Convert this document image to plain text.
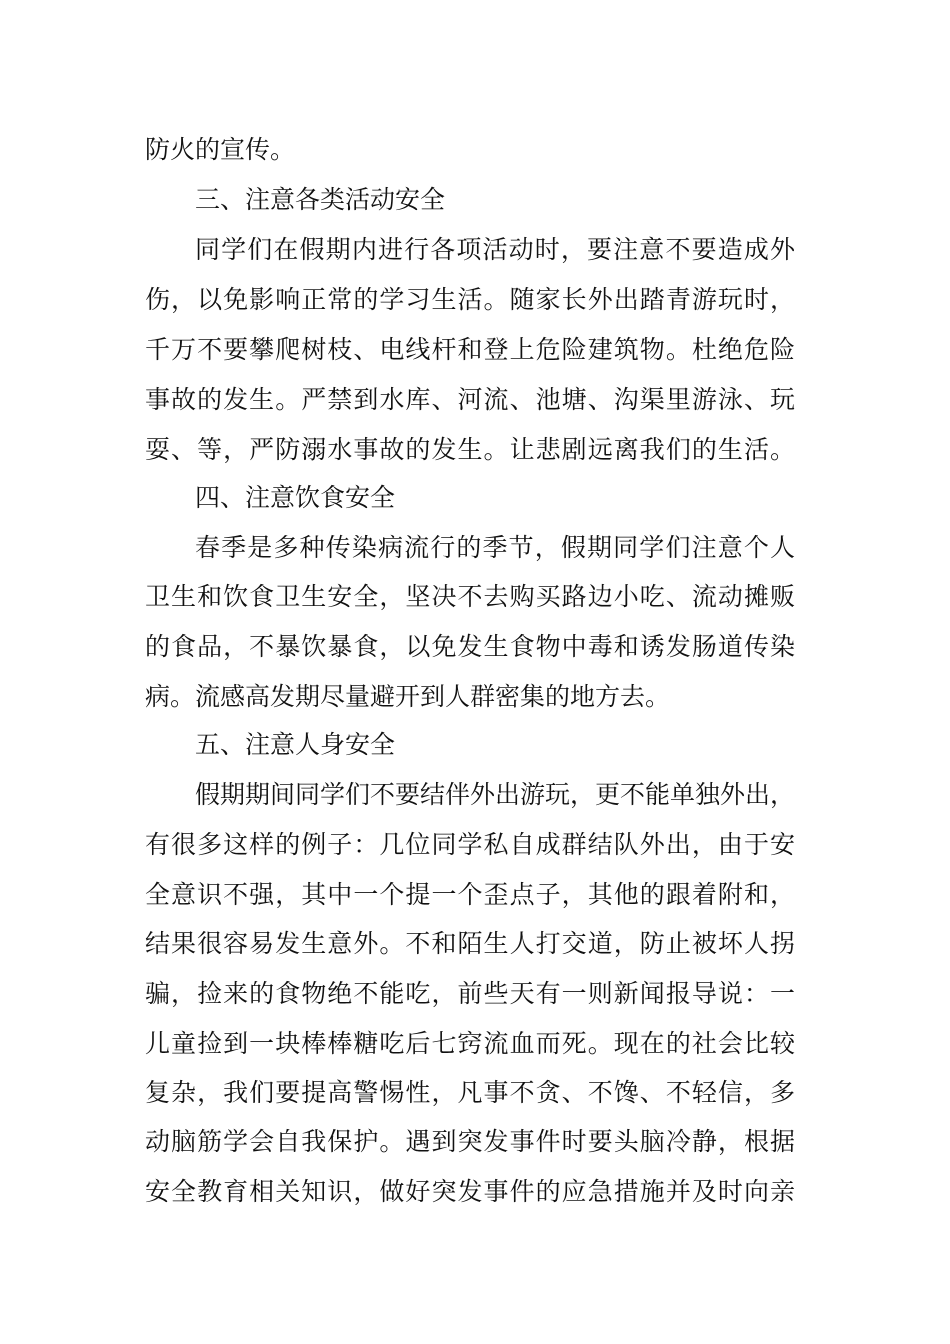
防火的宣传。
三、注意各类活动安全
同学们在假期内进行各项活动时，要注意不要造成外
伤，以免影响正常的学习生活。随家长外出踏青游玩时，
千万不要攀爬树枝、电线杆和登上危险建筑物。杜绝危险
事故的发生。严禁到水库、河流、池塘、沟渠里游泳、玩
耍、等，严防溺水事故的发生。让悲剧远离我们的生活。
四、注意饮食安全
春季是多种传染病流行的季节，假期同学们注意个人
卫生和饮食卫生安全，坚决不去购买路边小吃、流动摊贩
的食品，不暴饮暴食，以免发生食物中毒和诱发肠道传染
病。流感高发期尽量避开到人群密集的地方去。
五、注意人身安全
假期期间同学们不要结伴外出游玩，更不能单独外出，
有很多这样的例子：几位同学私自成群结队外出，由于安
全意识不强，其中一个提一个歪点子，其他的跟着附和，
结果很容易发生意外。不和陌生人打交道，防止被坏人拐
骗，捡来的食物绝不能吃，前些天有一则新闻报导说：一
儿童捡到一块棒棒糖吃后七窍流血而死。现在的社会比较
复杂，我们要提高警惕性，凡事不贪、不馋、不轻信，多
动脑筋学会自我保护。遇到突发事件时要头脑冷静，根据
安全教育相关知识，做好突发事件的应急措施并及时向亲
